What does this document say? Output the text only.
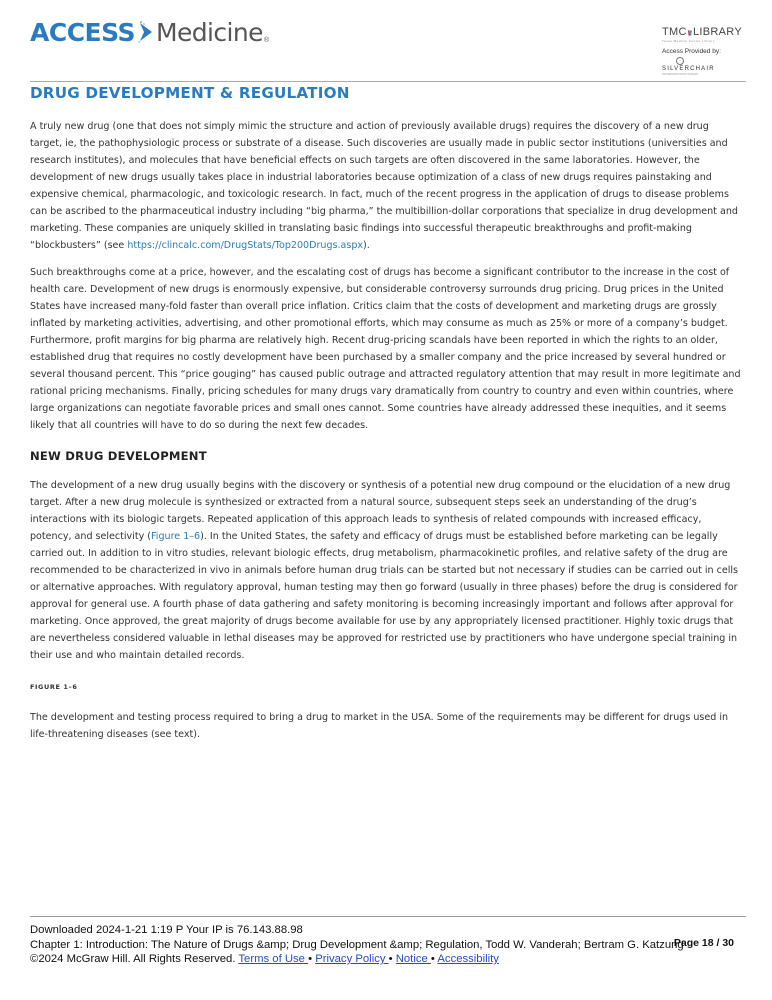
ACCESS Medicine ®
TMC LIBRARY
Texas Medical Center Library
Access Provided by:
SILVERCHAIR
INFORMATION/SYSTEMS
DRUG DEVELOPMENT & REGULATION

A truly new drug (one that does not simply mimic the structure and action of previously available drugs) requires the discovery of a new drug target, ie, the pathophysiologic process or substrate of a disease. Such discoveries are usually made in public sector institutions (universities and research institutes), and molecules that have beneficial effects on such targets are often discovered in the same laboratories. However, the development of new drugs usually takes place in industrial laboratories because optimization of a class of new drugs requires painstaking and expensive chemical, pharmacologic, and toxicologic research. In fact, much of the recent progress in the application of drugs to disease problems can be ascribed to the pharmaceutical industry including “big pharma,” the multibillion-dollar corporations that specialize in drug development and marketing. These companies are uniquely skilled in translating basic findings into successful therapeutic breakthroughs and profit-making “blockbusters” (see https://clincalc.com/DrugStats/Top200Drugs.aspx).

Such breakthroughs come at a price, however, and the escalating cost of drugs has become a significant contributor to the increase in the cost of health care. Development of new drugs is enormously expensive, but considerable controversy surrounds drug pricing. Drug prices in the United States have increased many-fold faster than overall price inflation. Critics claim that the costs of development and marketing drugs are grossly inflated by marketing activities, advertising, and other promotional efforts, which may consume as much as 25% or more of a company’s budget. Furthermore, profit margins for big pharma are relatively high. Recent drug-pricing scandals have been reported in which the rights to an older, established drug that requires no costly development have been purchased by a smaller company and the price increased by several hundred or several thousand percent. This “price gouging” has caused public outrage and attracted regulatory attention that may result in more legitimate and rational pricing mechanisms. Finally, pricing schedules for many drugs vary dramatically from country to country and even within countries, where large organizations can negotiate favorable prices and small ones cannot. Some countries have already addressed these inequities, and it seems likely that all countries will have to do so during the next few decades.

NEW DRUG DEVELOPMENT

The development of a new drug usually begins with the discovery or synthesis of a potential new drug compound or the elucidation of a new drug target. After a new drug molecule is synthesized or extracted from a natural source, subsequent steps seek an understanding of the drug’s interactions with its biologic targets. Repeated application of this approach leads to synthesis of related compounds with increased efficacy, potency, and selectivity (Figure 1–6). In the United States, the safety and efficacy of drugs must be established before marketing can be legally carried out. In addition to in vitro studies, relevant biologic effects, drug metabolism, pharmacokinetic profiles, and relative safety of the drug are recommended to be characterized in vivo in animals before human drug trials can be started but not necessary if studies can be carried out in cells or alternative approaches. With regulatory approval, human testing may then go forward (usually in three phases) before the drug is considered for approval for general use. A fourth phase of data gathering and safety monitoring is becoming increasingly important and follows after approval for marketing. Once approved, the great majority of drugs become available for use by any appropriately licensed practitioner. Highly toxic drugs that are nevertheless considered valuable in lethal diseases may be approved for restricted use by practitioners who have undergone special training in their use and who maintain detailed records.

FIGURE 1–6

The development and testing process required to bring a drug to market in the USA. Some of the requirements may be different for drugs used in life-threatening diseases (see text).

Downloaded 2024-1-21 1:19 P Your IP is 76.143.88.98
Chapter 1: Introduction: The Nature of Drugs &amp; Drug Development &amp; Regulation, Todd W. Vanderah; Bertram G. Katzung
©2024 McGraw Hill. All Rights Reserved. Terms of Use • Privacy Policy • Notice • Accessibility
Page 18 / 30
